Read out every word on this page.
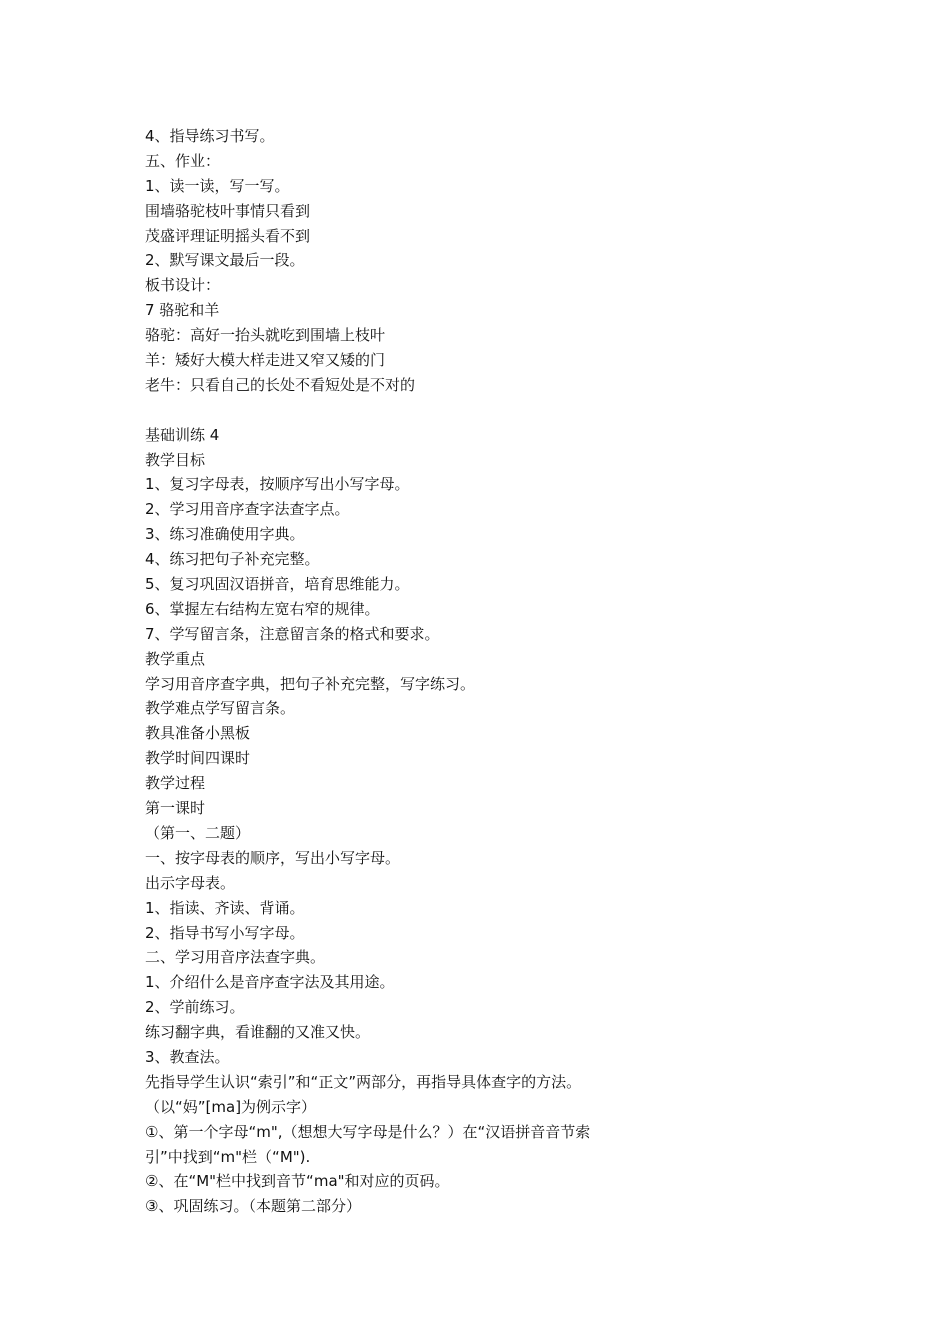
4、指导练习书写。
五、作业：
1、读一读，写一写。
围墙骆驼枝叶事情只看到
茂盛评理证明摇头看不到
2、默写课文最后一段。
板书设计：
7 骆驼和羊
骆驼：高好一抬头就吃到围墙上枝叶
羊：矮好大模大样走进又窄又矮的门
老牛：只看自己的长处不看短处是不对的
基础训练 4
教学目标
1、复习字母表，按顺序写出小写字母。
2、学习用音序查字法查字点。
3、练习准确使用字典。
4、练习把句子补充完整。
5、复习巩固汉语拼音，培育思维能力。
6、掌握左右结构左宽右窄的规律。
7、学写留言条，注意留言条的格式和要求。
教学重点
学习用音序查字典，把句子补充完整，写字练习。
教学难点学写留言条。
教具准备小黑板
教学时间四课时
教学过程
第一课时
（第一、二题）
一、按字母表的顺序，写出小写字母。
出示字母表。
1、指读、齐读、背诵。
2、指导书写小写字母。
二、学习用音序法查字典。
1、介绍什么是音序查字法及其用途。
2、学前练习。
练习翻字典，看谁翻的又准又快。
3、教查法。
先指导学生认识“索引”和“正文”两部分，再指导具体查字的方法。
（以“妈”[ma]为例示字）
①、第一个字母“m",（想想大写字母是什么？）在“汉语拼音音节索
引”中找到“m"栏（“M").
②、在“M"栏中找到音节“ma"和对应的页码。
③、巩固练习。（本题第二部分）
